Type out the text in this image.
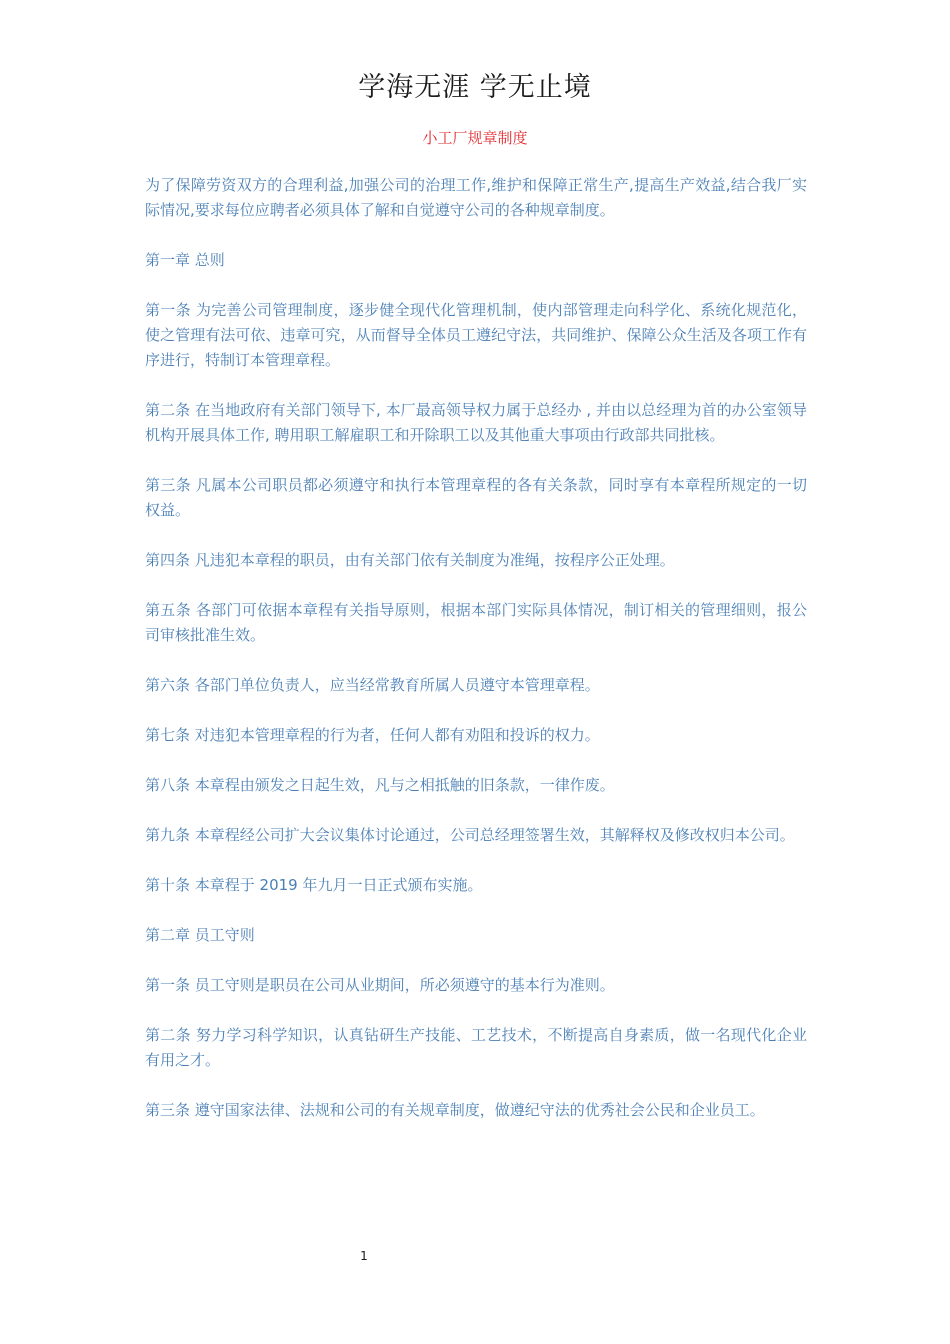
学海无涯 学无止境
小工厂规章制度

为了保障劳资双方的合理利益,加强公司的治理工作,维护和保障正常生产,提高生产效益,结合我厂实际情况,要求每位应聘者必须具体了解和自觉遵守公司的各种规章制度。

第一章 总则

第一条 为完善公司管理制度，逐步健全现代化管理机制，使内部管理走向科学化、系统化规范化，使之管理有法可依、违章可究，从而督导全体员工遵纪守法，共同维护、保障公众生活及各项工作有序进行，特制订本管理章程。

第二条 在当地政府有关部门领导下, 本厂最高领导权力属于总经办 , 并由以总经理为首的办公室领导机构开展具体工作, 聘用职工解雇职工和开除职工以及其他重大事项由行政部共同批核。

第三条 凡属本公司职员都必须遵守和执行本管理章程的各有关条款，同时享有本章程所规定的一切权益。

第四条 凡违犯本章程的职员，由有关部门依有关制度为准绳，按程序公正处理。

第五条 各部门可依据本章程有关指导原则，根据本部门实际具体情况，制订相关的管理细则，报公司审核批准生效。

第六条 各部门单位负责人，应当经常教育所属人员遵守本管理章程。

第七条 对违犯本管理章程的行为者，任何人都有劝阻和投诉的权力。

第八条 本章程由颁发之日起生效，凡与之相抵触的旧条款，一律作废。

第九条 本章程经公司扩大会议集体讨论通过，公司总经理签署生效，其解释权及修改权归本公司。

第十条 本章程于 2019 年九月一日正式颁布实施。

第二章 员工守则

第一条 员工守则是职员在公司从业期间，所必须遵守的基本行为准则。

第二条 努力学习科学知识，认真钻研生产技能、工艺技术，不断提高自身素质，做一名现代化企业有用之才。

第三条 遵守国家法律、法规和公司的有关规章制度，做遵纪守法的优秀社会公民和企业员工。

1
